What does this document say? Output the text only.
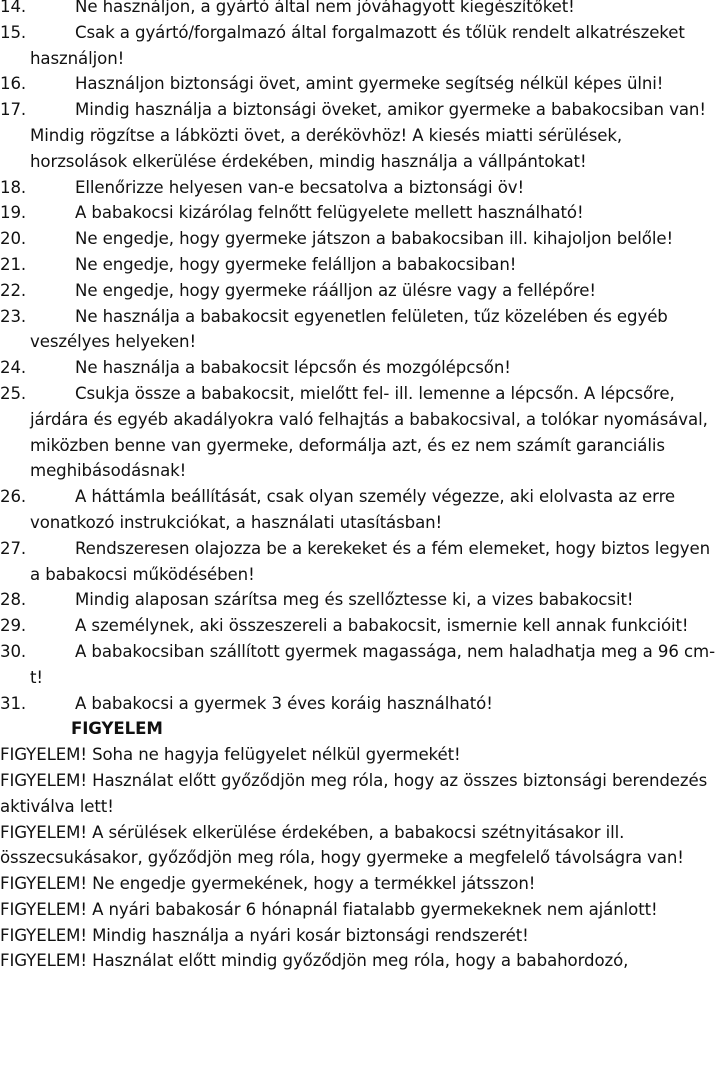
14.	Ne használjon, a gyártó által nem jóváhagyott kiegészítőket!

15.	Csak a gyártó/forgalmazó által forgalmazott és tőlük rendelt alkatrészeket használjon!

16.	Használjon biztonsági övet, amint gyermeke segítség nélkül képes ülni!

17.	Mindig használja a biztonsági öveket, amikor gyermeke a babakocsiban van! Mindig rögzítse a lábközti övet, a derékövhöz! A kiesés miatti sérülések, horzsolások elkerülése érdekében, mindig használja a vállpántokat!

18.	Ellenőrizze helyesen van-e becsatolva a biztonsági öv!

19.	A babakocsi kizárólag felnőtt felügyelete mellett használható!

20.	Ne engedje, hogy gyermeke játszon a babakocsiban ill. kihajoljon belőle!

21.	Ne engedje, hogy gyermeke felálljon a babakocsiban!

22.	Ne engedje, hogy gyermeke ráálljon az ülésre vagy a fellépőre!

23.	Ne használja a babakocsit egyenetlen felületen, tűz közelében és egyéb veszélyes helyeken!

24.	Ne használja a babakocsit lépcsőn és mozgólépcsőn!

25.	Csukja össze a babakocsit, mielőtt fel- ill. lemenne a lépcsőn. A lépcsőre, járdára és egyéb akadályokra való felhajtás a babakocsival, a tolókar nyomásával, miközben benne van gyermeke, deformálja azt, és ez nem számít garanciális meghibásodásnak!

26.	A háttámla beállítását, csak olyan személy végezze, aki elolvasta az erre vonatkozó instrukciókat, a használati utasításban!

27.	Rendszeresen olajozza be a kerekeket és a fém elemeket, hogy biztos legyen a babakocsi működésében!

28.	Mindig alaposan szárítsa meg és szellőztesse ki, a vizes babakocsit!

29.	A személynek, aki összeszereli a babakocsit, ismernie kell annak funkcióit!

30.	A babakocsiban szállított gyermek magassága, nem haladhatja meg a 96 cm-t!

31.	A babakocsi a gyermek 3 éves koráig használható!

FIGYELEM

FIGYELEM! Soha ne hagyja felügyelet nélkül gyermekét!

FIGYELEM! Használat előtt győződjön meg róla, hogy az összes biztonsági berendezés aktiválva lett!

FIGYELEM! A sérülések elkerülése érdekében, a babakocsi szétnyitásakor ill. összecsukásakor, győződjön meg róla, hogy gyermeke a megfelelő távolságra van!

FIGYELEM! Ne engedje gyermekének, hogy a termékkel játsszon!

FIGYELEM! A nyári babakosár 6 hónapnál fiatalabb gyermekeknek nem ajánlott!

FIGYELEM! Mindig használja a nyári kosár biztonsági rendszerét!

FIGYELEM! Használat előtt mindig győződjön meg róla, hogy a babahordozó,
